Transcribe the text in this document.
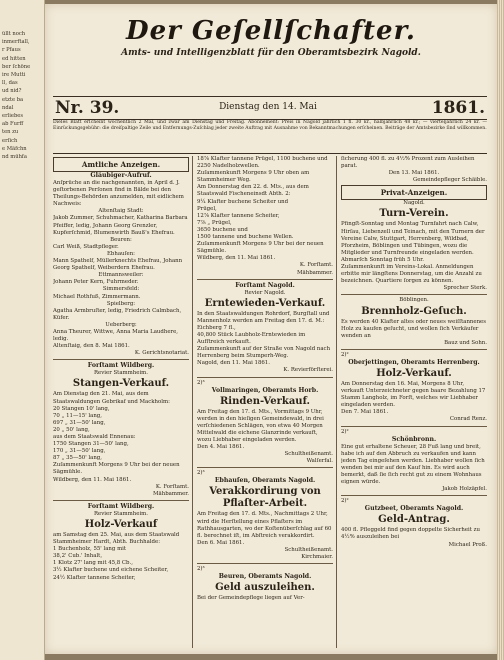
üllt noch
inmerftall,
r Pfaus
ed hitten
ber ſchöne
ire Mutti
ll, das
ud nid?
etzte ba
ndal
erliebes
ab Furff
ten zu
erſich
e Mäfchn
nd mühfa
Der Geſellſchafter.
Amts- und Intelligenzblatt für den Oberamtsbezirk Nagold.
Nr. 39.	Dienstag den 14. Mai	1861.
Dieſes Blatt erſcheint wöchentlich 2 Mal, und zwar am Dienstag und Freitag. Abonnement: Preis in Nagold jährlich 1 fl. 30 kr., halbjährlich 48 kr.; — vierteljährlich 24 kr. — Einrückungsgebühr: die dreiſpaltige Zeile und Entfernungs-Zuſchlag jeder zweite Auftrag mit Ausnahme von Bekanntmachungen erſcheinen. Beiträge der Amtsbezirke ſind willkommen.
Amtliche Anzeigen.
Gläubiger-Aufruf.

Anſprüche an die nachgenannten, in April d. J. geſtorbenen Perſonen find in Bälde bei den Theilungs-Behörden anzumelden, mit eidlichem Nachweis:

Altenſtaig Stadt:

Jakob Zummer, Schuhmacher, Katharina Barbara Pfeiffer, ledig, Johann Georg Grenzler, Kupferſchmid, Blumenwirth Bauß's Ehefrau.

Beuren:

Carl Weiß, Stadtpfleger.

Ebhauſen:

Mann Spathelf, Müllerknechts Ehefrau, Johann Georg Spathelf, Weiberdern Ehefrau.

Ettmannsweiler:

Johann Peter Kern, Fuhrmeder.

Simmersfeld:

Michael Rothfuß, Zimmermann.

Spielberg:

Agatha Armbruſter, ledig, Friedrich Calmbach, Küfer.

Ueberberg:

Anna Theurer, Wittwe, Anna Maria Laudhere, ledig.

Altenſtaig, den 8. Mai 1861.

K. Gerichtsnotariat.

Forſtamt Wildberg.

Revier Stammheim.

Stangen-Verkauf.

Am Dienstag den 21. Mai, aus dem Staatswaldungen Gebrikaf und Mackholm:

20 Stangen 10' lang,

70 „ 11—15' lang,

697 „ 31—50' lang,

20 „ 50' lang,

aus dem Staatswald Ennenau:

1750 Stangen 31—50' lang,

170 „ 31—50' lang,

87 „ 35—50' lang,

Zuſammenkunft Morgens 9 Uhr bei der neuen Sägmühle.

Wildberg, den 11. Mai 1861.

K. Forſtamt.

Mähbammer.

Forſtamt Wildberg.

Revier Stammheim.

Holz-Verkauf

am Samstag den 25. Mai, aus dem Staatswald Stammheimer Hardt, Abth. Buchhalde:

1 Buchenholz, 55' lang mit

38,2' Cub.' Inhalt,

1 Klotz 27' lang mit 45,8 Cb.,

3½ Klafter buchene und eichene Scheiter,

24½ Klafter tannene Scheiter,

18⅞ Klafter tannene Prügel, 1100 buchene und 2250 Nadelholzwellen.

Zuſammenkunft Morgens 9 Uhr oben am Stammheimer Weg.

Am Donnerstag den 22. d. Mts., aus dem Staatswald Fischeneinsdt Abth. 2:

9¼ Klafter buchene Scheiter und

Prügel,

12⅞ Klafter tannene Scheiter,

7⅞ „ Prügel,

3650 buchene und

1500 tannene und buchene Wellen.

Zuſammenkunft Morgens 9 Uhr bei der neuen Sägmühle.

Wildberg, den 11. Mai 1861.

K. Forſtamt.

Mähbammer.

Forſtamt Nagold.

Revier Nagold.

Erntewieden-Verkauf.

In den Staatswaldungen Rohrdorf, Burgſtall und Mannenholz werden am Freitag den 17. d. M.:

Eichberg 7 fl.,

40,800 Stück Laubholz-Erntewieden im Aufſtreich verkauft.

Zuſammenkunft auf der Straße von Nagold nach Herrenberg beim Stumperh-Weg.

Nagold, den 11. Mai 1861.

K. Revierförſterei.

2)³

Vollmaringen, Oberamts Horb.
Rinden-Verkauf.

Am Freitag den 17. d. Mts., Vormittags 9 Uhr, werden in den hieſigen Gemeindewald, in drei verſchiedenen Schlägen, von etwa 40 Morgen Mittelwald die eichene Glanzrinde verkauft, wozu Liebhaber eingeladen werden.

Den 4. Mai 1861.

Schultheißenamt.

Walſerfal.

2)³

Ebhauſen, Oberamts Nagold.
Verakkordirung von Pflaſter-Arbeit.

Am Freitag den 17. d. Mts., Nachmittags 2 Uhr, wird die Herſtellung eines Pflaſters im Rathhausgarten, wo der Koſtenüberſchlag auf 60 fl. berechnet iſt, im Abſtreich verakkordirt.

Den 6. Mai 1861.

Schultheißenamt.

Kirchmaier.

2)³

Beuren, Oberamts Nagold.
Geld auszuleihen.

Bei der Gemeindepflege liegen auf Ver-

ſicherung 400 fl. zu 4½% Prozent zum Ausleihen parat.

Den 13. Mai 1861.

Gemeindepfleger Schäible.

Privat-Anzeigen.

Nagold.

Turn-Verein.

Pfingſt-Sonntag und Montag Turnfahrt nach Calw, Hirſau, Liebenzell und Teinach, mit den Turnern der Vereine Calw, Stuttgart, Herrenberg, Wildbad, Pforzheim, Böblingen und Tübingen, wozu die Mitglieder und Turnfreunde eingeladen werden.

Abmarſch Sonntag früh 5 Uhr.

Zuſammenkunft im Vereins-Lokal. Anmeldungen erbitte mir längſtens Donnerstag, um die Anzahl zu bezeichnen. Quartiere ſorgen zu können.

Sprecher Sterk.

Böblingen.

Brennholz-Geſuch.

Es werden 40 Klafter altes oder neues weiſſtannenes Holz zu kaufen geſucht, und wollen ſich Verkäufer wenden an

Bauz und Sohn.

2)²

Oberjettingen, Oberamts Herrenberg.
Holz-Verkauf.

Am Donnerstag den 16. Mai, Morgens 8 Uhr, verkauft Unterzeichneter gegen baare Bezahlung 17 Stamm Langholz, im Forſt, welches wir Liebhaber eingeladen werden.

Den 7. Mai 1861.

Conrad Renz.

2)²

Schönbronn.

Eine gut erhaltene Scheuer, 28 Fuß lang und breit, habe ich auf den Abbruch zu verkaufen und kann jeden Tag eingeſehen werden. Liebhaber wollen ſich wenden bei mir auf den Kauf hin. Es wird auch bemerkt, daß ſie ſich recht gut zu einem Wohnhaus eignen würde.

Jakob Holzäpfel.

2)²

Gutzbeet, Oberamts Nagold.
Geld-Antrag.

400 fl. Pfleggeld find gegen doppelte Sicherheit zu 4½% auszuleihen bei

Michael Proß.
